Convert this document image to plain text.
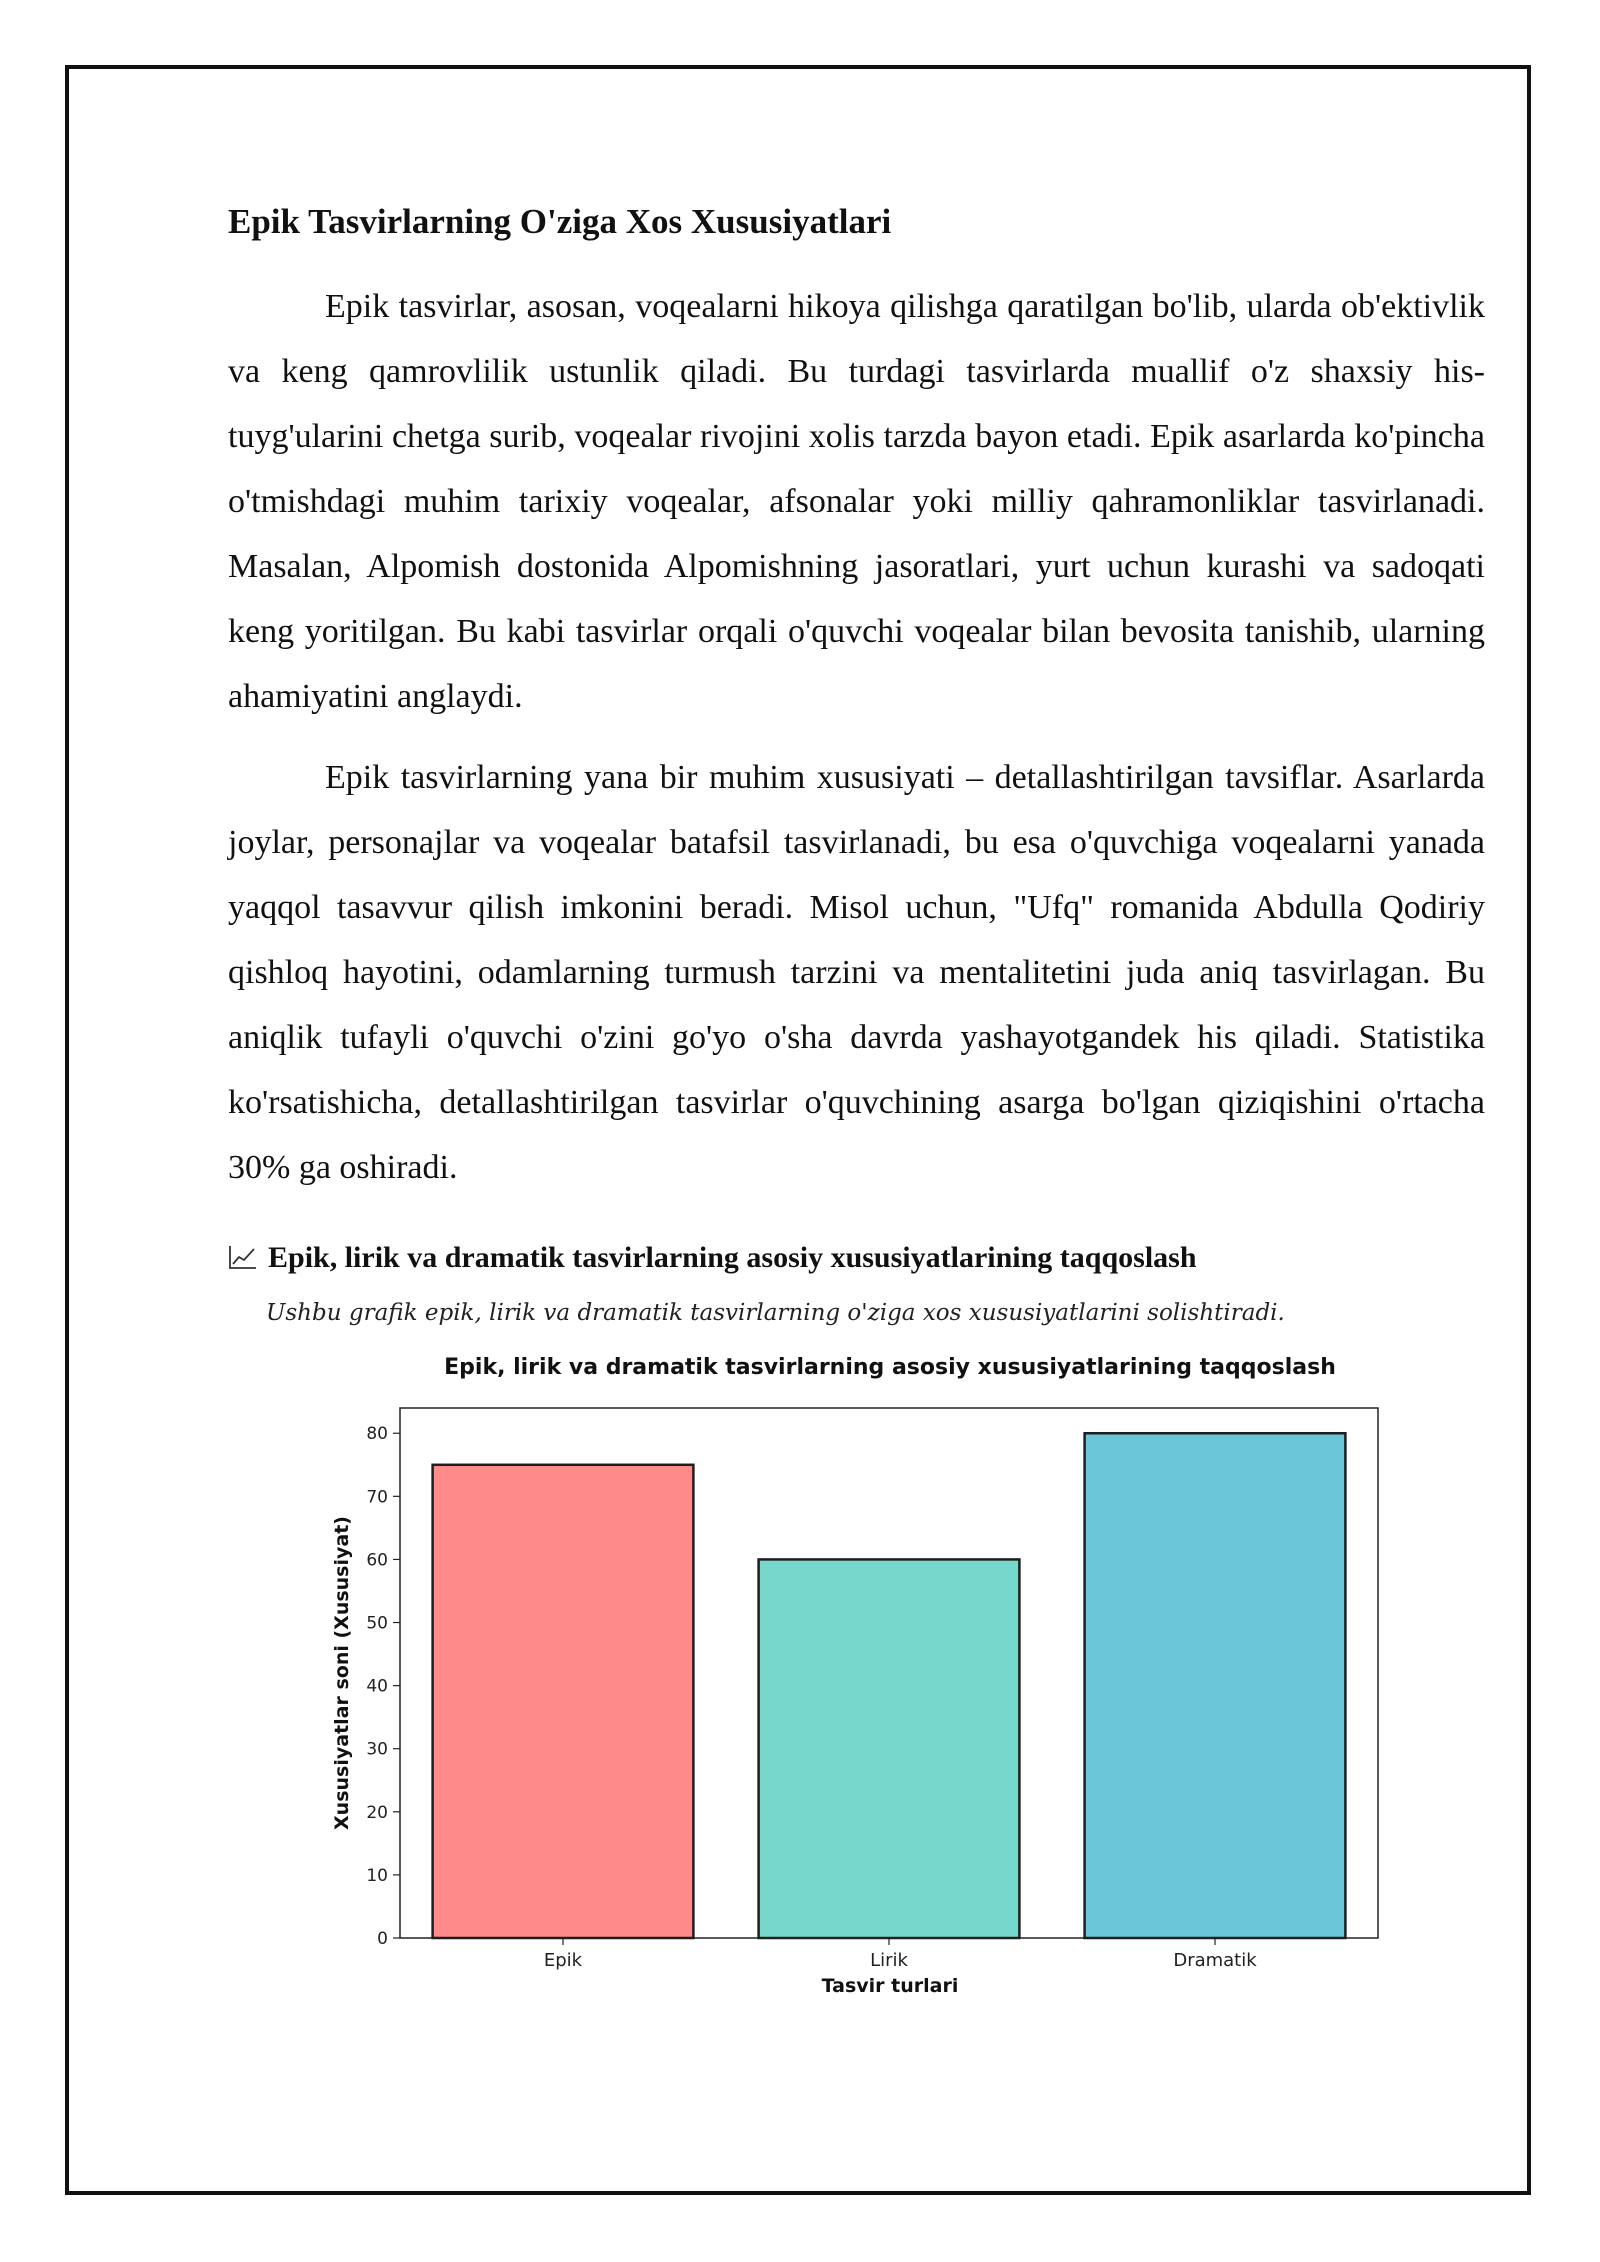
Epik Tasvirlarning O'ziga Xos Xususiyatlari

Epik tasvirlar, asosan, voqealarni hikoya qilishga qaratilgan bo'lib, ularda ob'ektivlik va keng qamrovlilik ustunlik qiladi. Bu turdagi tasvirlarda muallif o'z shaxsiy his-tuyg'ularini chetga surib, voqealar rivojini xolis tarzda bayon etadi. Epik asarlarda ko'pincha o'tmishdagi muhim tarixiy voqealar, afsonalar yoki milliy qahramonliklar tasvirlanadi. Masalan, Alpomish dostonida Alpomishning jasoratlari, yurt uchun kurashi va sadoqati keng yoritilgan. Bu kabi tasvirlar orqali o'quvchi voqealar bilan bevosita tanishib, ularning ahamiyatini anglaydi.

Epik tasvirlarning yana bir muhim xususiyati – detallashtirilgan tavsiflar. Asarlarda joylar, personajlar va voqealar batafsil tasvirlanadi, bu esa o'quvchiga voqealarni yanada yaqqol tasavvur qilish imkonini beradi. Misol uchun, "Ufq" romanida Abdulla Qodiriy qishloq hayotini, odamlarning turmush tarzini va mentalitetini juda aniq tasvirlagan. Bu aniqlik tufayli o'quvchi o'zini go'yo o'sha davrda yashayotgandek his qiladi. Statistika ko'rsatishicha, detallashtirilgan tasvirlar o'quvchining asarga bo'lgan qiziqishini o'rtacha 30% ga oshiradi.

Epik, lirik va dramatik tasvirlarning asosiy xususiyatlarining taqqoslash

Ushbu grafik epik, lirik va dramatik tasvirlarning o'ziga xos xususiyatlarini solishtiradi.

Epik, lirik va dramatik tasvirlarning asosiy xususiyatlarining taqqoslash
0
10
20
30
40
50
60
70
80
Epik	Lirik	Dramatik
Tasvir turlari
Xususiyatlar soni (Xususiyat)
